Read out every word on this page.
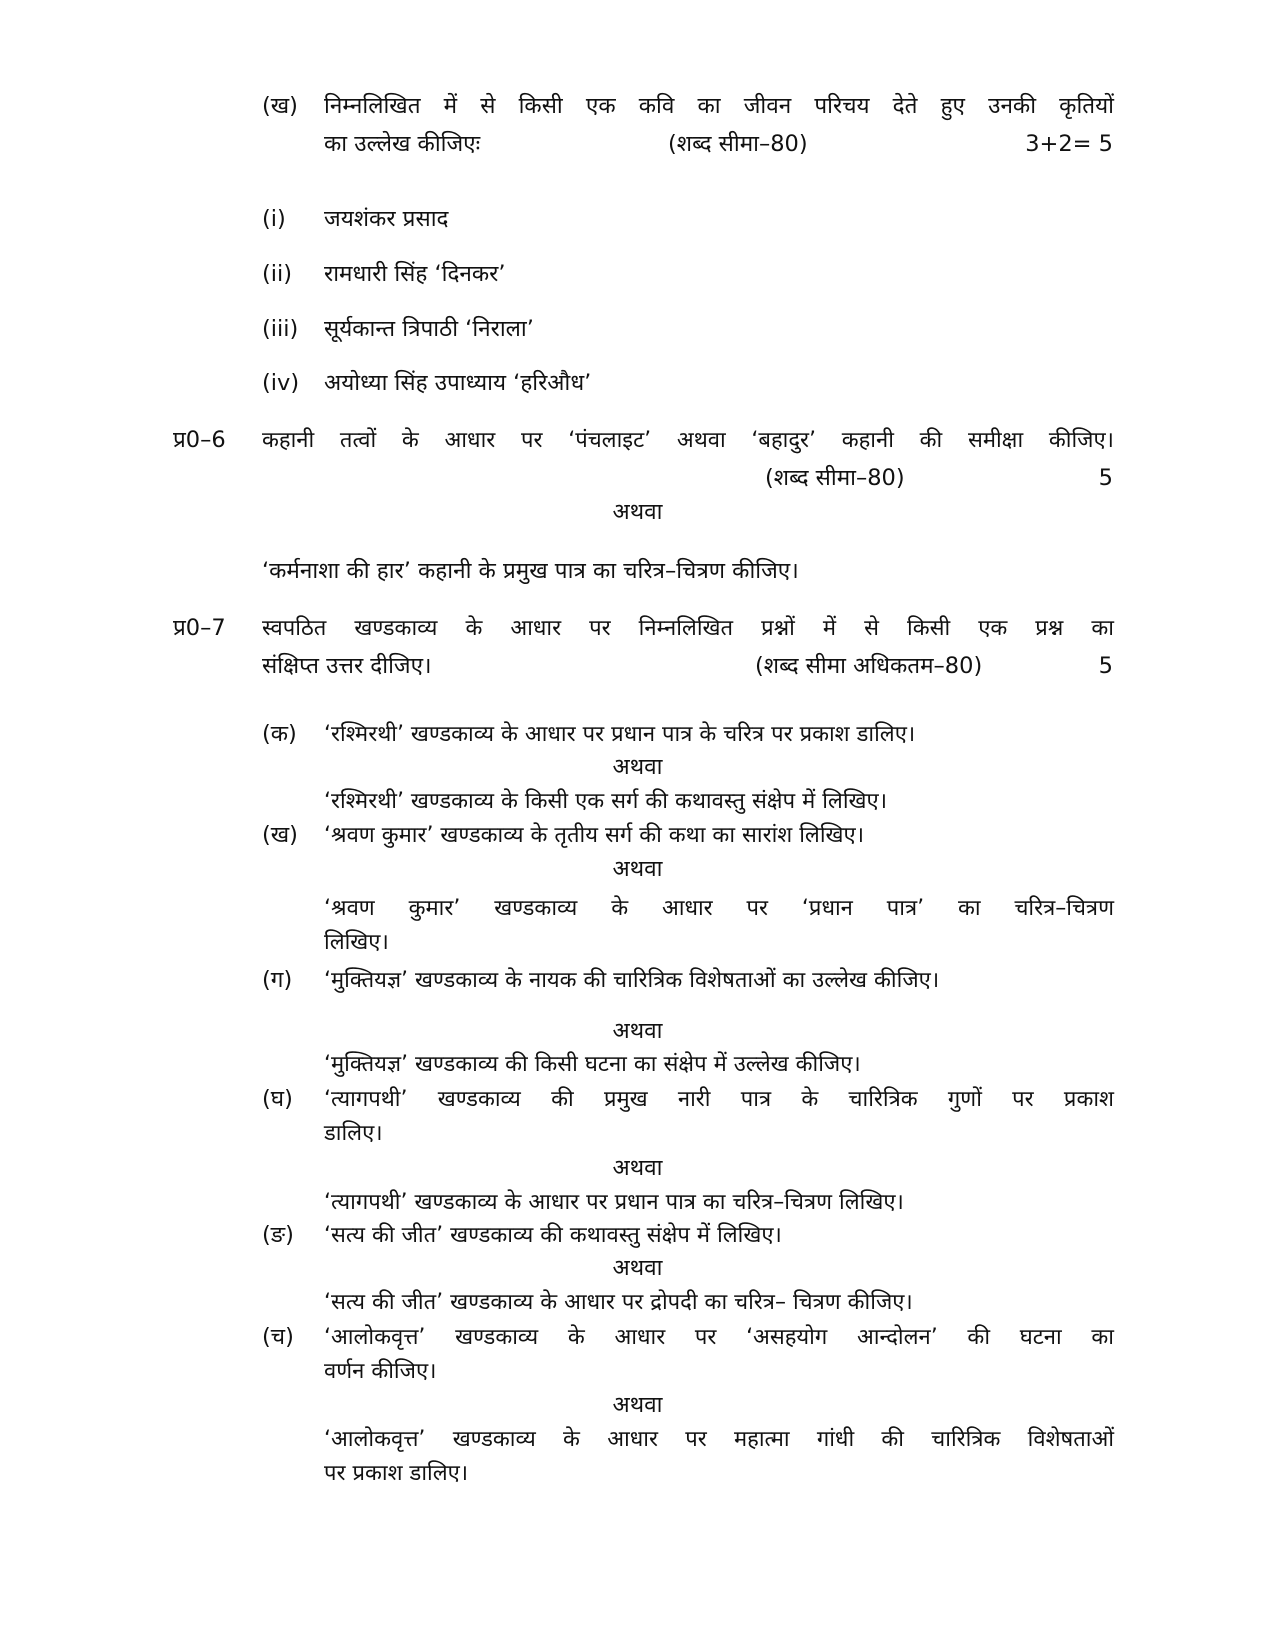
(ख) निम्नलिखित में से किसी एक कवि का जीवन परिचय देते हुए उनकी कृतियों
का उल्लेख कीजिएः	(शब्द सीमा–80)	3+2= 5
(i) जयशंकर प्रसाद
(ii) रामधारी सिंह ‘दिनकर’
(iii) सूर्यकान्त त्रिपाठी ‘निराला’
(iv) अयोध्या सिंह उपाध्याय ‘हरिऔध’
प्र0–6 कहानी तत्वों के आधार पर ‘पंचलाइट’ अथवा ‘बहादुर’ कहानी की समीक्षा कीजिए।
(शब्द सीमा–80)	5
अथवा
‘कर्मनाशा की हार’ कहानी के प्रमुख पात्र का चरित्र–चित्रण कीजिए।
प्र0–7 स्वपठित खण्डकाव्य के आधार पर निम्नलिखित प्रश्नों में से किसी एक प्रश्न का
संक्षिप्त उत्तर दीजिए।	(शब्द सीमा अधिकतम–80)	5
(क) ‘रश्मिरथी’ खण्डकाव्य के आधार पर प्रधान पात्र के चरित्र पर प्रकाश डालिए।
अथवा
‘रश्मिरथी’ खण्डकाव्य के किसी एक सर्ग की कथावस्तु संक्षेप में लिखिए।
(ख) ‘श्रवण कुमार’ खण्डकाव्य के तृतीय सर्ग की कथा का सारांश लिखिए।
अथवा
‘श्रवण कुमार’ खण्डकाव्य के आधार पर ‘प्रधान पात्र’ का चरित्र–चित्रण
लिखिए।
(ग) ‘मुक्तियज्ञ’ खण्डकाव्य के नायक की चारित्रिक विशेषताओं का उल्लेख कीजिए।
अथवा
‘मुक्तियज्ञ’ खण्डकाव्य की किसी घटना का संक्षेप में उल्लेख कीजिए।
(घ) ‘त्यागपथी’ खण्डकाव्य की प्रमुख नारी पात्र के चारित्रिक गुणों पर प्रकाश
डालिए।
अथवा
‘त्यागपथी’ खण्डकाव्य के आधार पर प्रधान पात्र का चरित्र–चित्रण लिखिए।
(ङ) ‘सत्य की जीत’ खण्डकाव्य की कथावस्तु संक्षेप में लिखिए।
अथवा
‘सत्य की जीत’ खण्डकाव्य के आधार पर द्रोपदी का चरित्र– चित्रण कीजिए।
(च) ‘आलोकवृत्त’ खण्डकाव्य के आधार पर ‘असहयोग आन्दोलन’ की घटना का
वर्णन कीजिए।
अथवा
‘आलोकवृत्त’ खण्डकाव्य के आधार पर महात्मा गांधी की चारित्रिक विशेषताओं
पर प्रकाश डालिए।
